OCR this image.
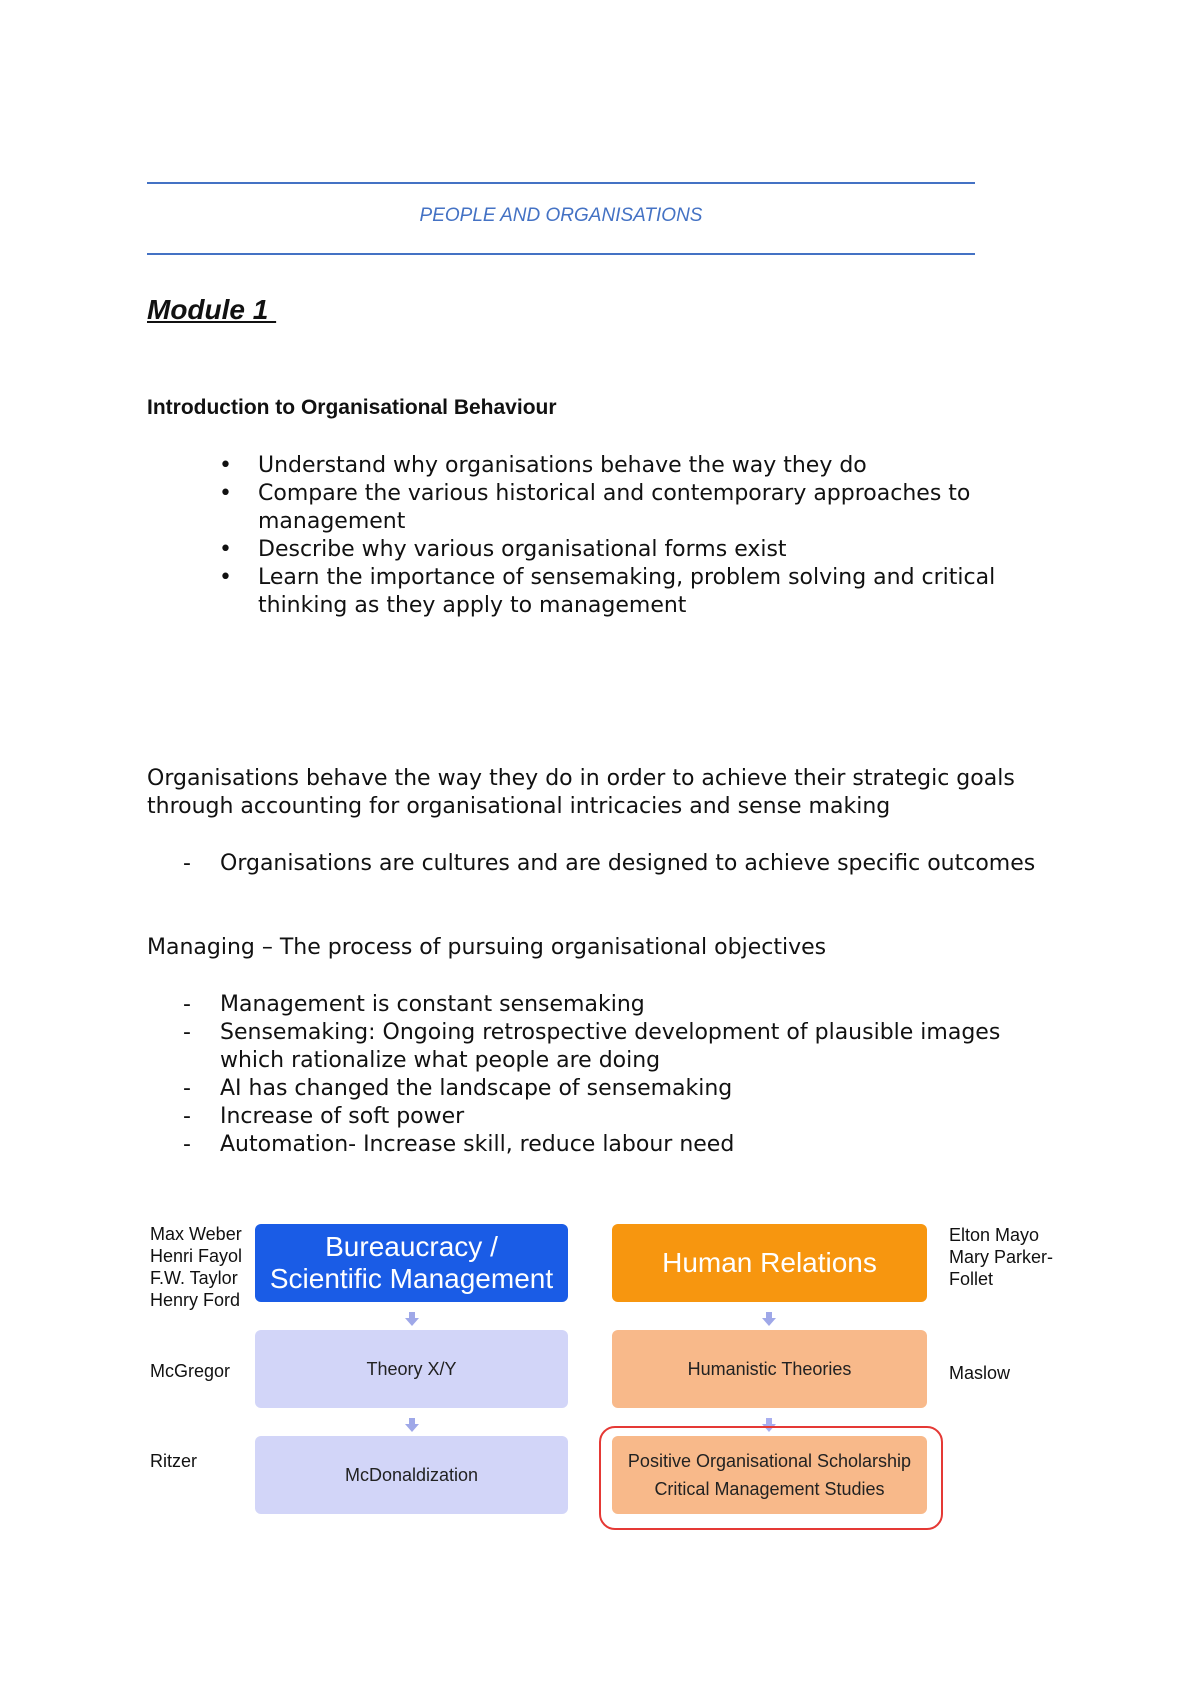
PEOPLE AND ORGANISATIONS
Module 1
Introduction to Organisational Behaviour
• Understand why organisations behave the way they do
• Compare the various historical and contemporary approaches to management
• Describe why various organisational forms exist
• Learn the importance of sensemaking, problem solving and critical thinking as they apply to management

Organisations behave the way they do in order to achieve their strategic goals through accounting for organisational intricacies and sense making

- Organisations are cultures and are designed to achieve specific outcomes

Managing – The process of pursuing organisational objectives

- Management is constant sensemaking
- Sensemaking: Ongoing retrospective development of plausible images which rationalize what people are doing
- AI has changed the landscape of sensemaking
- Increase of soft power
- Automation- Increase skill, reduce labour need
Max Weber
Henri Fayol
F.W. Taylor
Henry Ford
McGregor
Ritzer
Bureaucracy /
Scientific Management
Theory X/Y
McDonaldization
Human Relations
Humanistic Theories
Positive Organisational Scholarship
Critical Management Studies
Elton Mayo
Mary Parker-
Follet
Maslow
